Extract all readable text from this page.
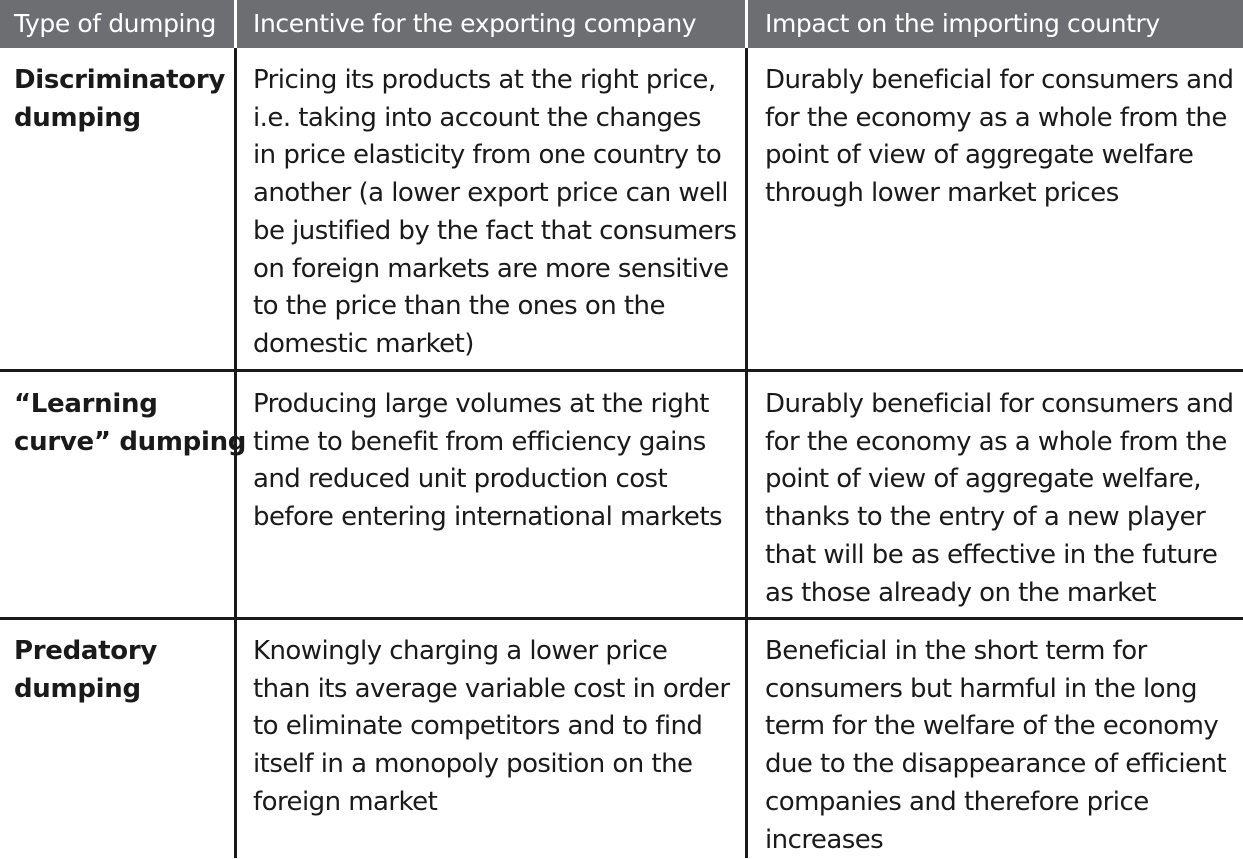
Type of dumping Incentive for the exporting company	Impact on the importing country

Discriminatory
dumping

Pricing its products at the right price,
i.e. taking into account the changes
in price elasticity from one country to
another (a lower export price can well
be justified by the fact that consumers
on foreign markets are more sensitive
to the price than the ones on the
domestic market)

Durably beneficial for consumers and
for the economy as a whole from the
point of view of aggregate welfare
through lower market prices

“Learning
curve” dumping

Producing large volumes at the right
time to benefit from efficiency gains
and reduced unit production cost
before entering international markets

Durably beneficial for consumers and
for the economy as a whole from the
point of view of aggregate welfare,
thanks to the entry of a new player
that will be as effective in the future
as those already on the market

Predatory
dumping

Knowingly charging a lower price
than its average variable cost in order
to eliminate competitors and to find
itself in a monopoly position on the
foreign market

Beneficial in the short term for
consumers but harmful in the long
term for the welfare of the economy
due to the disappearance of efficient
companies and therefore price
increases
